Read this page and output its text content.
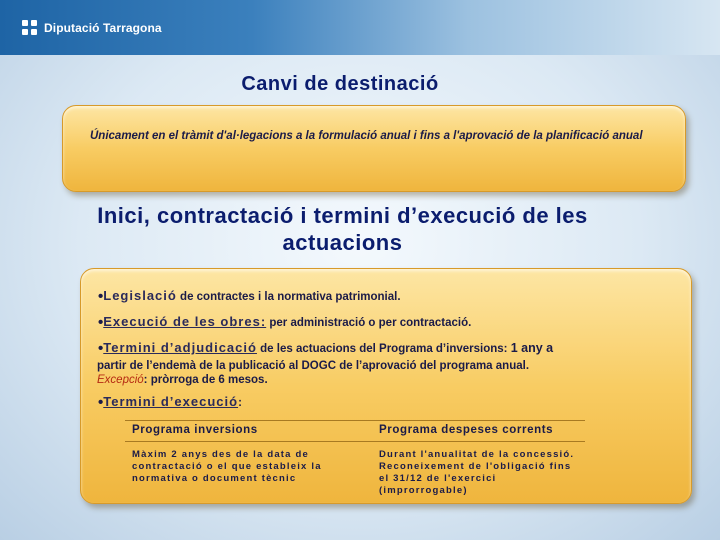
Diputació Tarragona
Canvi de destinació
Únicament en el tràmit d'al·legacions a la formulació anual i fins a l'aprovació de la planificació anual
Inici, contractació i termini d’execució de les actuacions
•Legislació de contractes i la normativa patrimonial.
•Execució de les obres: per administració o per contractació.
•Termini d’adjudicació de les actuacions del Programa d’inversions: 1 any a
partir de l’endemà de la publicació al DOGC de l’aprovació del programa anual.
Excepció: pròrroga de 6 mesos.
•Termini d’execució:
Programa inversions	Programa despeses corrents
Màxim 2 anys des de la data de contractació o el que estableix la normativa o document tècnic
Durant l'anualitat de la concessió. Reconeixement de l'obligació fins el 31/12 de l'exercici (improrrogable)
